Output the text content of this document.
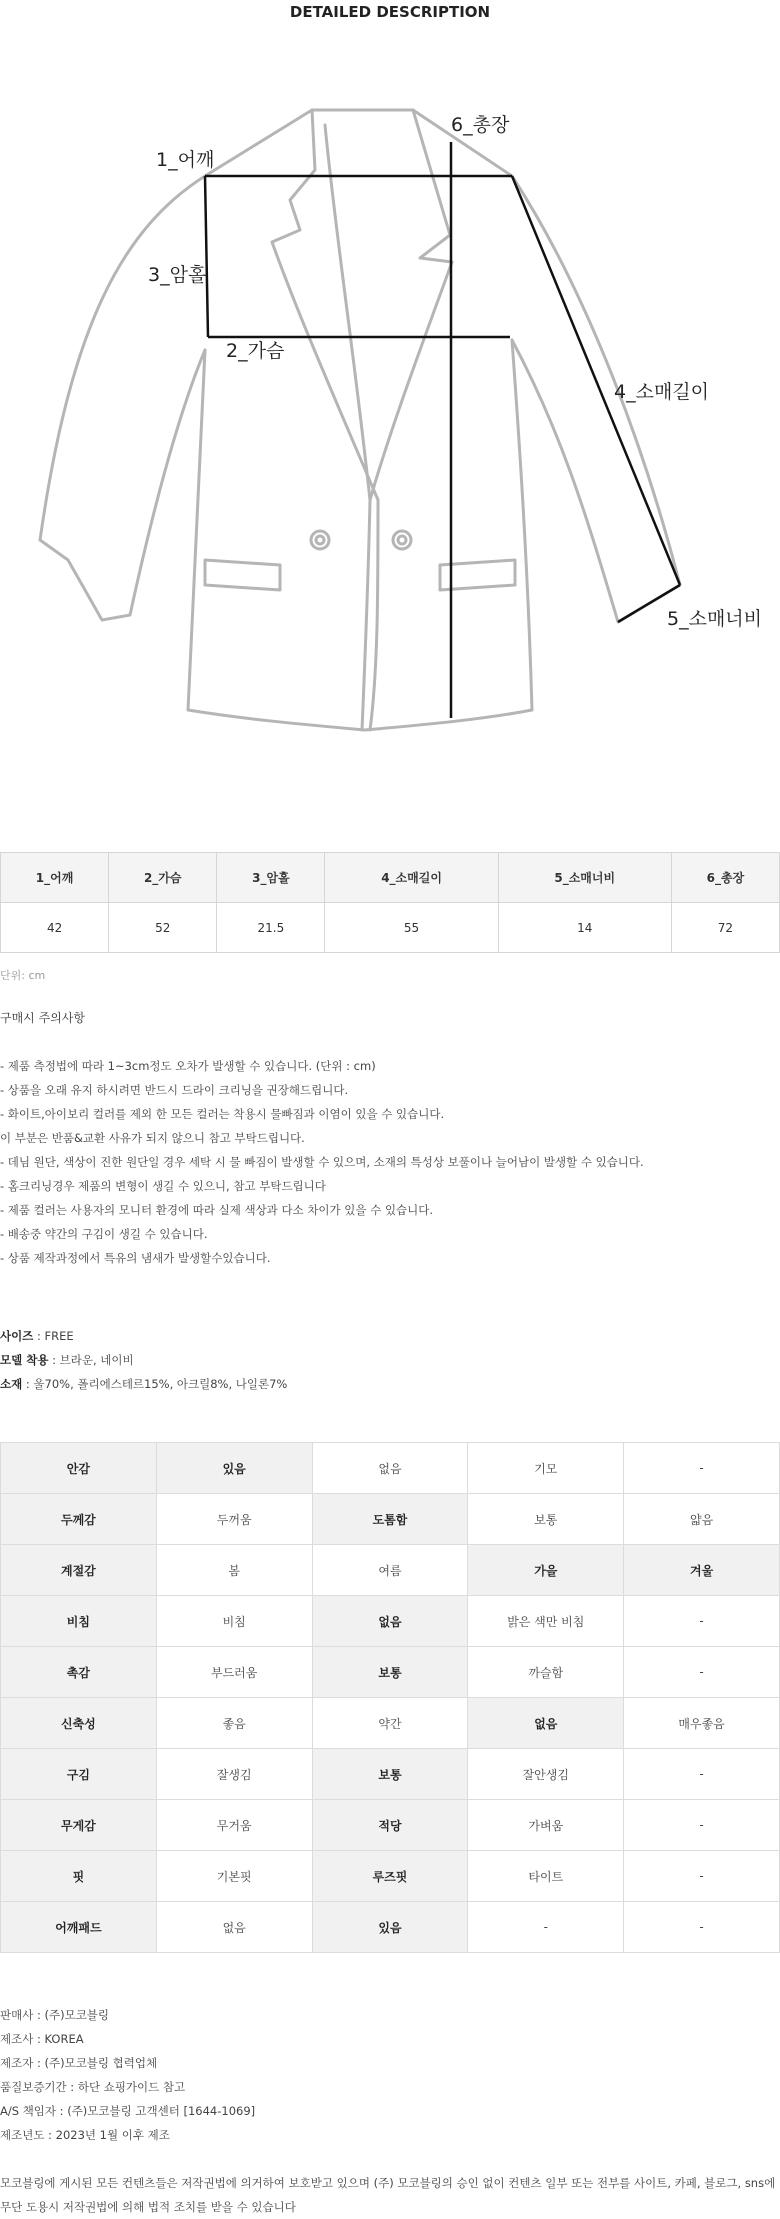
DETAILED DESCRIPTION
1_어깨
6_총장
3_암홀
2_가슴
4_소매길이
5_소매너비
1_어깨	2_가슴	3_암홀	4_소매길이	5_소매너비	6_총장
42	52	21.5	55	14	72
단위: cm
구매시 주의사항
- 제품 측정법에 따라 1~3cm정도 오차가 발생할 수 있습니다. (단위 : cm)
- 상품을 오래 유지 하시려면 반드시 드라이 크리닝을 권장해드립니다.
- 화이트,아이보리 컬러를 제외 한 모든 컬러는 착용시 물빠짐과 이염이 있을 수 있습니다.
이 부분은 반품&교환 사유가 되지 않으니 참고 부탁드립니다.
- 데님 원단, 색상이 진한 원단일 경우 세탁 시 물 빠짐이 발생할 수 있으며, 소재의 특성상 보풀이나 늘어남이 발생할 수 있습니다.
- 홈크리닝경우 제품의 변형이 생길 수 있으니, 참고 부탁드립니다
- 제품 컬러는 사용자의 모니터 환경에 따라 실제 색상과 다소 차이가 있을 수 있습니다.
- 배송중 약간의 구김이 생길 수 있습니다.
- 상품 제작과정에서 특유의 냄새가 발생할수있습니다.
사이즈 : FREE
모델 착용 : 브라운, 네이비
소재 : 울70%, 폴리에스테르15%, 아크릴8%, 나일론7%
안감	있음	없음	기모	-
두께감	두꺼움	도톰함	보통	얇음
계절감	봄	여름	가을	겨울
비침	비침	없음	밝은 색만 비침	-
촉감	부드러움	보통	까슬함	-
신축성	좋음	약간	없음	매우좋음
구김	잘생김	보통	잘안생김	-
무게감	무거움	적당	가벼움	-
핏	기본핏	루즈핏	타이트	-
어깨패드	없음	있음	-	-
판매사 : (주)모코블링
제조사 : KOREA
제조자 : (주)모코블링 협력업체
품질보증기간 : 하단 쇼핑가이드 참고
A/S 책임자 : (주)모코블링 고객센터 [1644-1069]
제조년도 : 2023년 1월 이후 제조
모코블링에 게시된 모든 컨텐츠들은 저작권법에 의거하여 보호받고 있으며 (주) 모코블링의 승인 없이 컨텐츠 일부 또는 전부를 사이트, 카페, 블로그, sns에 무단 도용시 저작권법에 의해 법적 조치를 받을 수 있습니다
